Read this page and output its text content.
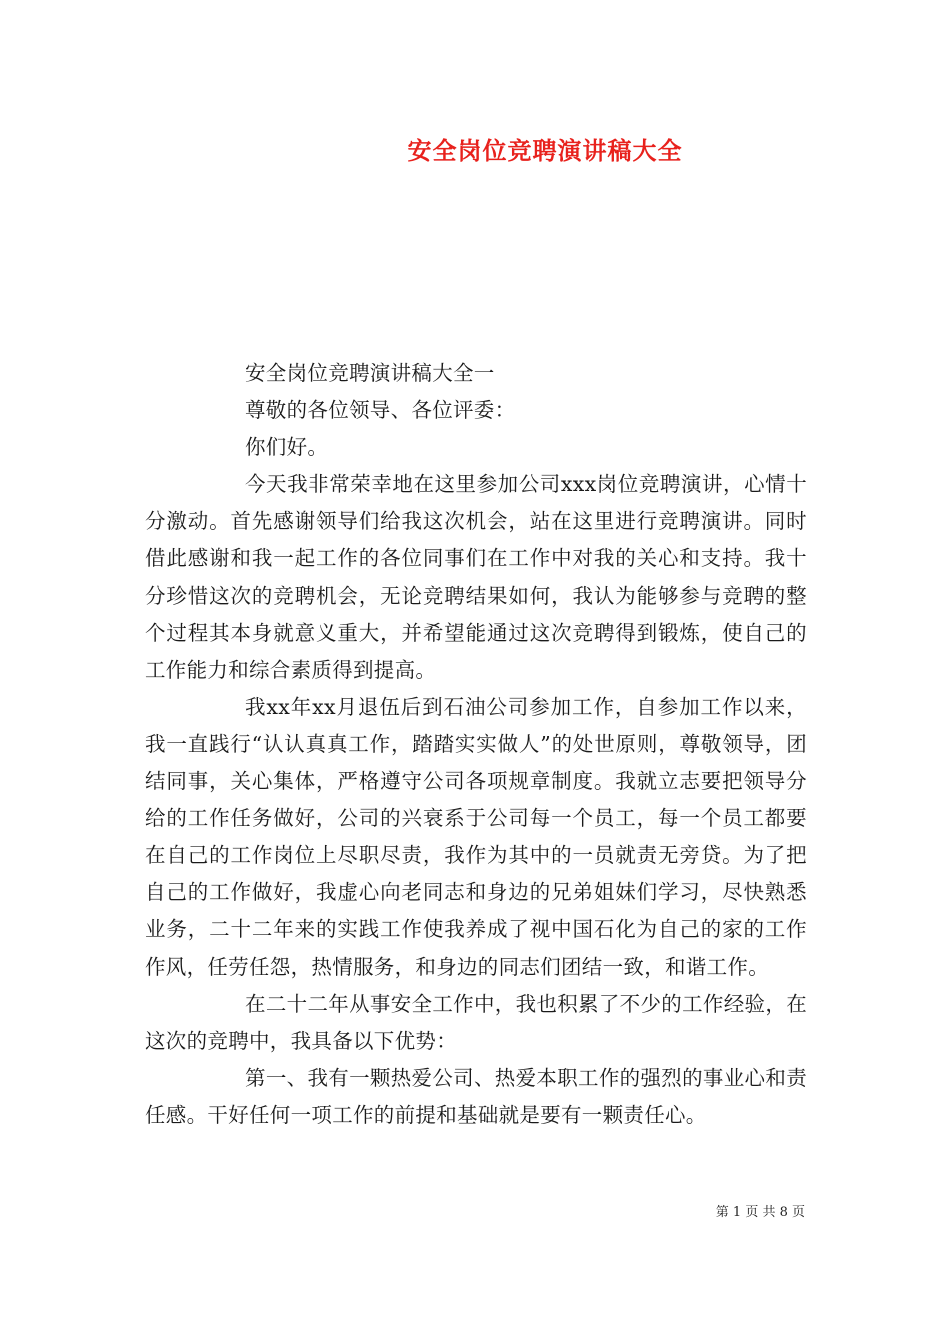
安全岗位竞聘演讲稿大全

安全岗位竞聘演讲稿大全一

尊敬的各位领导、各位评委：

你们好。

今天我非常荣幸地在这里参加公司xxx岗位竞聘演讲，心情十分激动。首先感谢领导们给我这次机会，站在这里进行竞聘演讲。同时借此感谢和我一起工作的各位同事们在工作中对我的关心和支持。我十分珍惜这次的竞聘机会，无论竞聘结果如何，我认为能够参与竞聘的整个过程其本身就意义重大，并希望能通过这次竞聘得到锻炼，使自己的工作能力和综合素质得到提高。

我xx年xx月退伍后到石油公司参加工作，自参加工作以来，我一直践行“认认真真工作，踏踏实实做人”的处世原则，尊敬领导，团结同事，关心集体，严格遵守公司各项规章制度。我就立志要把领导分给的工作任务做好，公司的兴衰系于公司每一个员工，每一个员工都要在自己的工作岗位上尽职尽责，我作为其中的一员就责无旁贷。为了把自己的工作做好，我虚心向老同志和身边的兄弟姐妹们学习，尽快熟悉业务，二十二年来的实践工作使我养成了视中国石化为自己的家的工作作风，任劳任怨，热情服务，和身边的同志们团结一致，和谐工作。

在二十二年从事安全工作中，我也积累了不少的工作经验，在这次的竞聘中，我具备以下优势：

第一、我有一颗热爱公司、热爱本职工作的强烈的事业心和责任感。干好任何一项工作的前提和基础就是要有一颗责任心。

第 1 页 共 8 页
